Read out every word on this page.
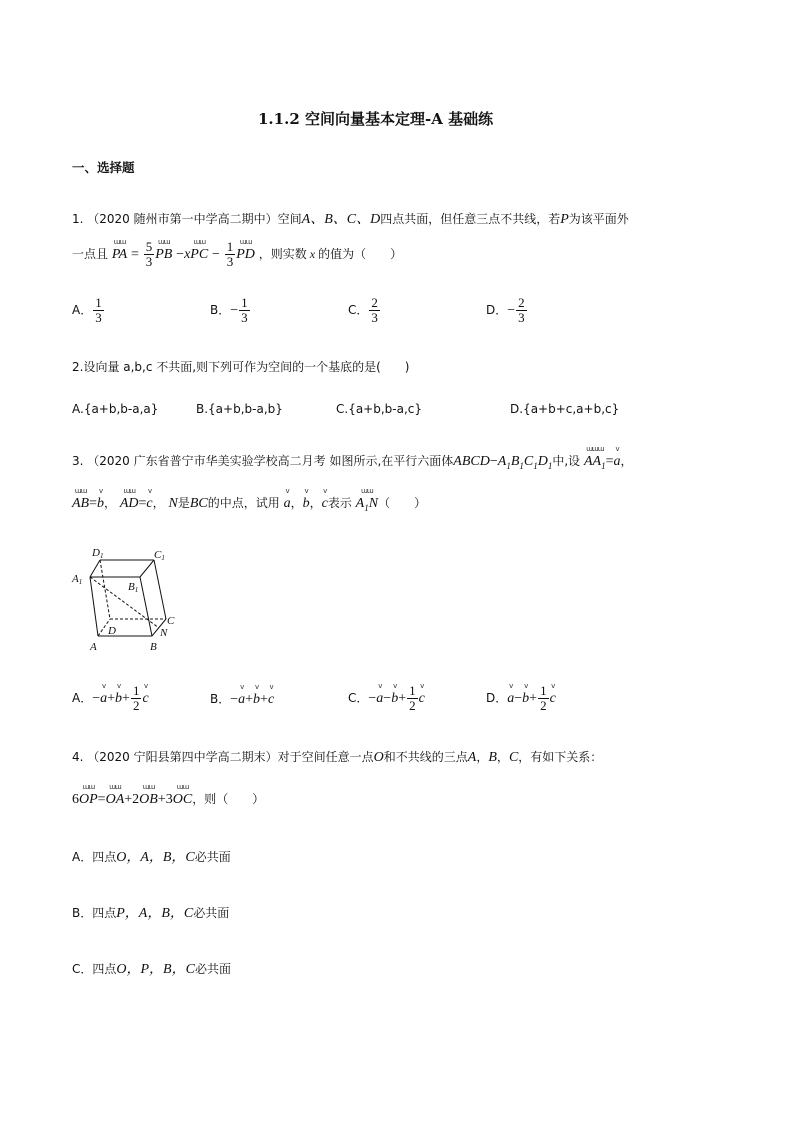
1.1.2 空间向量基本定理-A 基础练
一、选择题
1. （2020 随州市第一中学高二期中）空间A、B、C、D四点共面，但任意三点不共线，若P为该平面外
一点且
ɯɯ
PA = $\frac{5}{3}$ ɯɯ
PB −x
ɯɯ
PC − $\frac{1}{3}$ ɯɯ
PD ，则实数 x 的值为（　　）
A． $\frac{1}{3}$	B．− $\frac{1}{3}$	C． $\frac{2}{3}$	D．− $\frac{2}{3}$
2.设向量 a,b,c 不共面,则下列可作为空间的一个基底的是(　　)
A.{a+b,b-a,a}	B.{a+b,b-a,b}	C.{a+b,b-a,c}	D.{a+b+c,a+b,c}
3. （2020 广东省普宁市华美实验学校高二月考 如图所示,在平行六面体$ABCD-A_1B_1C_1D_1$中,设
ɯɯɯ
$AA_1=$
v
a，
ɯɯ
AB=
v
b，
ɯɯ
AD=
v
c， N是BC的中点，试用
v
a，
v
b，
v
c表示
ɯɯ
$A_1N$（　　）
D1	C1
A1	B1
C
D	N
A	B
A．−
v
a+
v
$b+ \frac{1}{2}$ v
c	B．−
v
a+
v
b+
v
c	C．−
v
a−
v
$b+ \frac{1}{2}$ v
c	D．
v
a−
v
$b+ \frac{1}{2}$ v
c
4. （2020 宁阳县第四中学高二期末）对于空间任意一点O和不共线的三点A，B，C，有如下关系：
6
ɯɯ
OP=
ɯɯ
OA+2
ɯɯ
OB+3
ɯɯ
OC，则（　　）
A．四点O，A，B，C必共面
B．四点P，A，B，C必共面
C．四点O，P，B，C必共面
